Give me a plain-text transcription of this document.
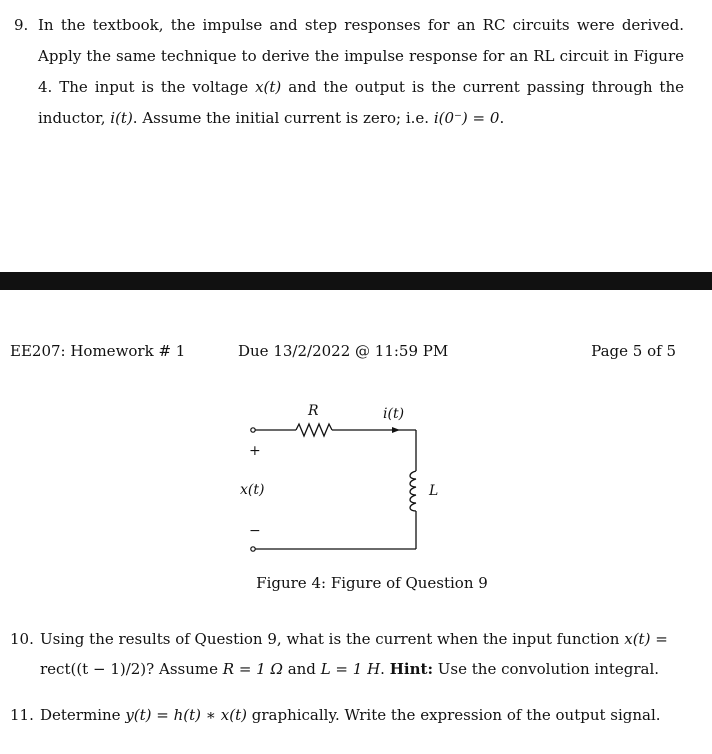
9. In the textbook, the impulse and step responses for an RC circuits were derived. Apply the same technique to derive the impulse response for an RL circuit in Figure 4. The input is the voltage x(t) and the output is the current passing through the inductor, i(t). Assume the initial current is zero; i.e. i(0⁻) = 0.
EE207: Homework # 1	Due 13/2/2022 @ 11:59 PM	Page 5 of 5
R	i(t)
+
x(t)
−
L
Figure 4: Figure of Question 9
10. Using the results of Question 9, what is the current when the input function x(t) = rect((t − 1)/2)? Assume R = 1 Ω and L = 1 H. Hint: Use the convolution integral.
11. Determine y(t) = h(t) ∗ x(t) graphically. Write the expression of the output signal.
